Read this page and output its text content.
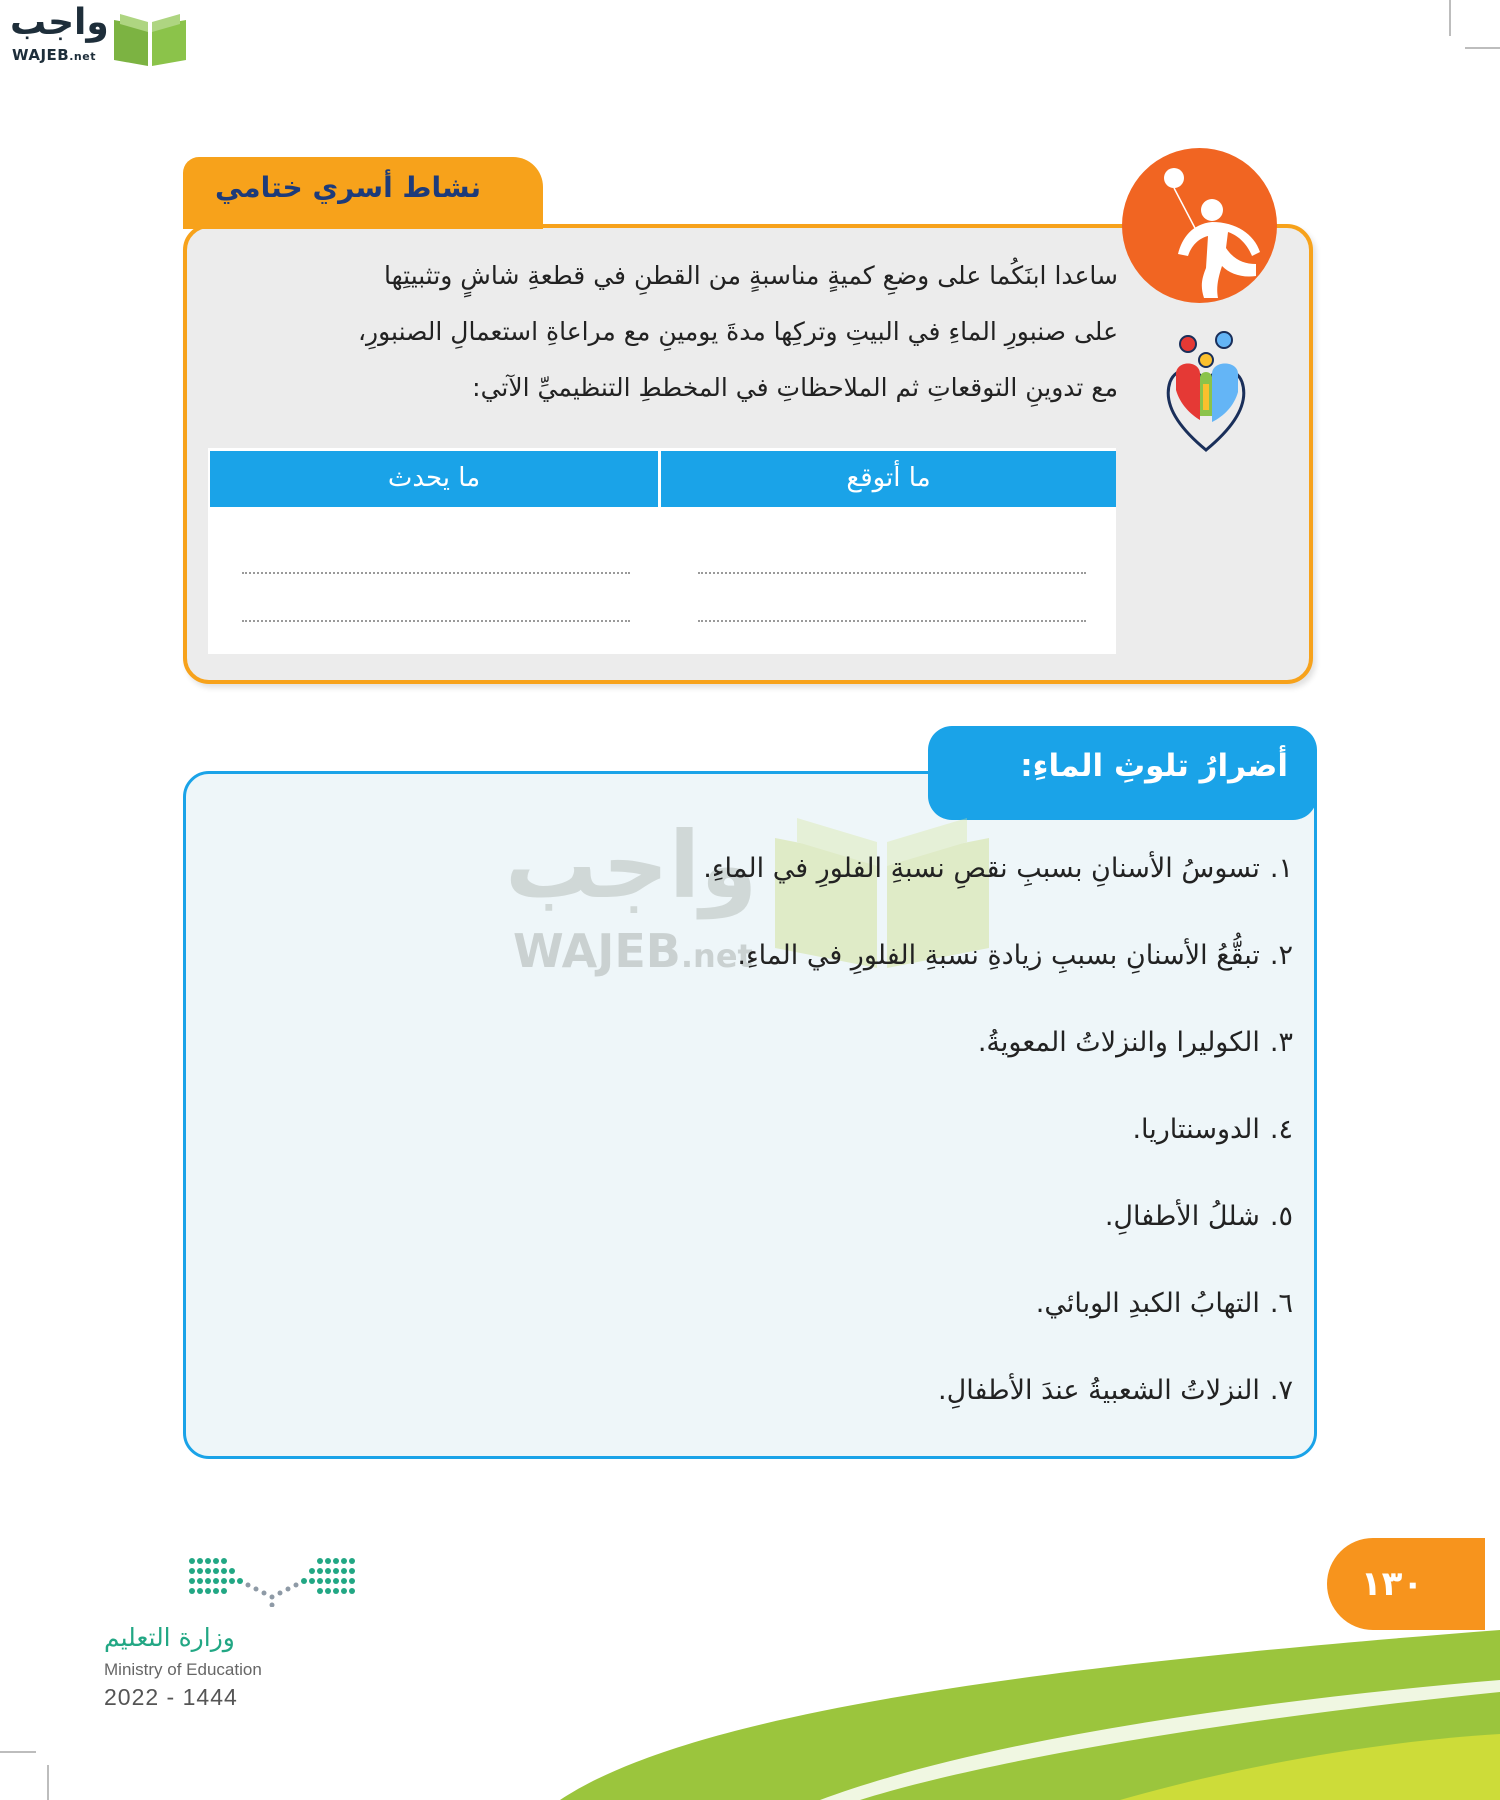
واجب
WAJEB.net
نشاط أسري ختامي

ساعدا ابنَكُما على وضعِ كميةٍ مناسبةٍ من القطنِ في قطعةِ شاشٍ وتثبيتِها

على صنبورِ الماءِ في البيتِ وتركِها مدةَ يومينِ مع مراعاةِ استعمالِ الصنبورِ،

مع تدوينِ التوقعاتِ ثم الملاحظاتِ في المخططِ التنظيميِّ الآتي:

ما أتوقع
ما يحدث
أضرارُ تلوثِ الماءِ:
واجب
WAJEB.net
١.تسوسُ الأسنانِ بسببِ نقصِ نسبةِ الفلورِ في الماءِ.
٢.تبقُّعُ الأسنانِ بسببِ زيادةِ نسبةِ الفلورِ في الماءِ.
٣.الكوليرا والنزلاتُ المعويةُ.
٤.الدوسنتاريا.
٥.شللُ الأطفالِ.
٦.التهابُ الكبدِ الوبائي.
٧.النزلاتُ الشعبيةُ عندَ الأطفالِ.
١٣٠
وزارة التعليم
Ministry of Education
2022 - 1444
